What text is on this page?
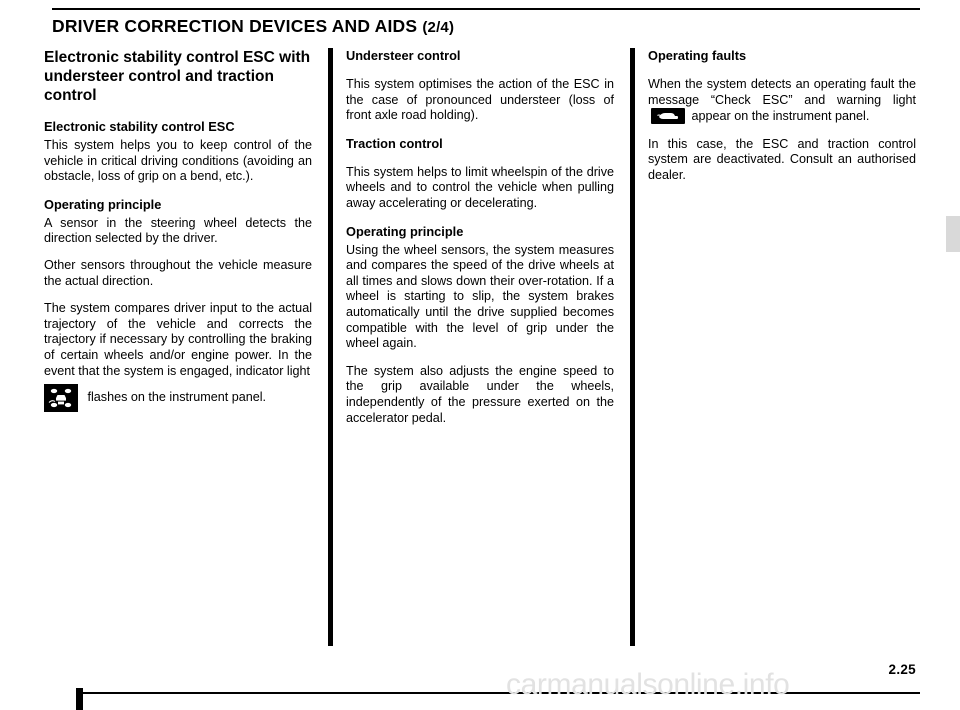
DRIVER CORRECTION DEVICES AND AIDS (2/4)
Electronic stability control ESC with understeer control and traction control
Electronic stability control ESC

This system helps you to keep control of the vehicle in critical driving conditions (avoiding an obstacle, loss of grip on a bend, etc.).

Operating principle

A sensor in the steering wheel detects the direction selected by the driver.

Other sensors throughout the vehicle measure the actual direction.

The system compares driver input to the actual trajectory of the vehicle and corrects the trajectory if necessary by controlling the braking of certain wheels and/or engine power. In the event that the system is engaged, indicator light

flashes on the instrument panel.
Understeer control

This system optimises the action of the ESC in the case of pronounced understeer (loss of front axle road holding).

Traction control

This system helps to limit wheelspin of the drive wheels and to control the vehicle when pulling away accelerating or decelerating.

Operating principle

Using the wheel sensors, the system measures and compares the speed of the drive wheels at all times and slows down their over-rotation. If a wheel is starting to slip, the system brakes automatically until the drive supplied becomes compatible with the level of grip under the wheel again.

The system also adjusts the engine speed to the grip available under the wheels, independently of the pressure exerted on the accelerator pedal.

Operating faults

When the system detects an operating fault the message “Check ESC” and warning light
appear on the instrument panel.

In this case, the ESC and traction control system are deactivated. Consult an authorised dealer.

2.25
carmanualsonline.info
